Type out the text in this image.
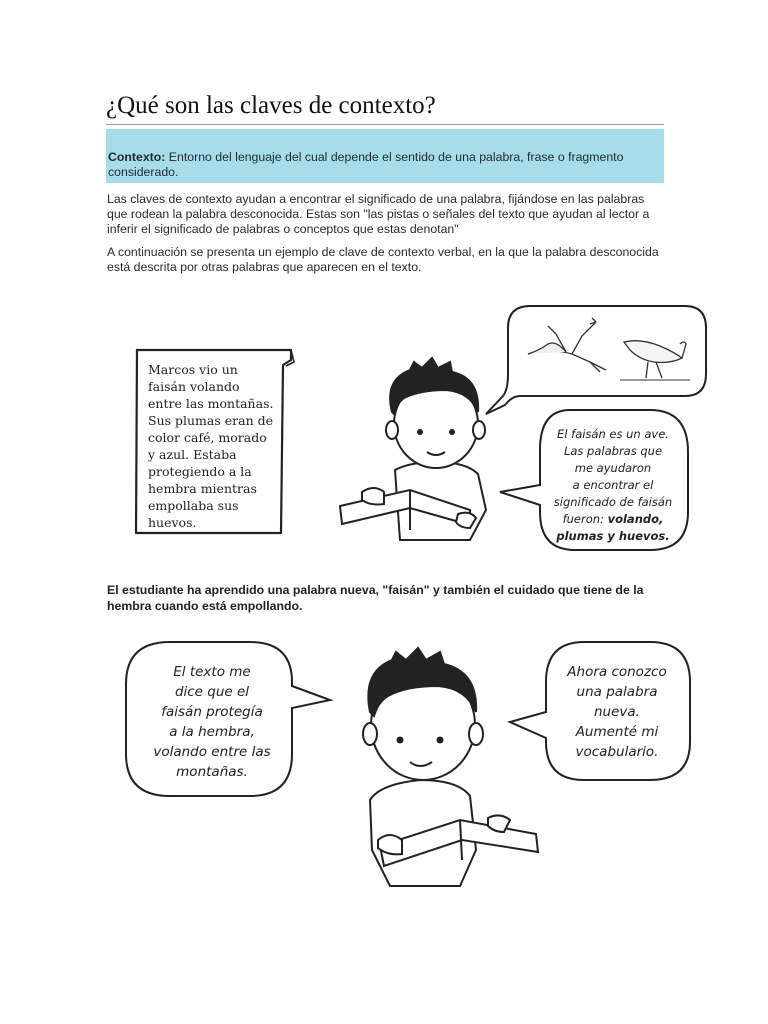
¿Qué son las claves de contexto?
Contexto: Entorno del lenguaje del cual depende el sentido de una palabra, frase o fragmento considerado.

Las claves de contexto ayudan a encontrar el significado de una palabra, fijándose en las palabras que rodean la palabra desconocida. Estas son "las pistas o señales del texto que ayudan al lector a inferir el significado de palabras o conceptos que estas denotan"

A continuación se presenta un ejemplo de clave de contexto verbal, en la que la palabra desconocida está descrita por otras palabras que aparecen en el texto.

Marcos vio un
faisán volando
entre las montañas.
Sus plumas eran de
color café, morado
y azul. Estaba
protegiendo a la
hembra mientras
empollaba sus
huevos.
El faisán es un ave.
Las palabras que
me ayudaron
a encontrar el
significado de faisán
fueron: volando,
plumas y huevos.

El estudiante ha aprendido una palabra nueva, "faisán" y también el cuidado que tiene de la hembra cuando está empollando.

El texto me
dice que el
faisán protegía
a la hembra,
volando entre las
montañas.
Ahora conozco
una palabra
nueva.
Aumenté mi
vocabulario.
